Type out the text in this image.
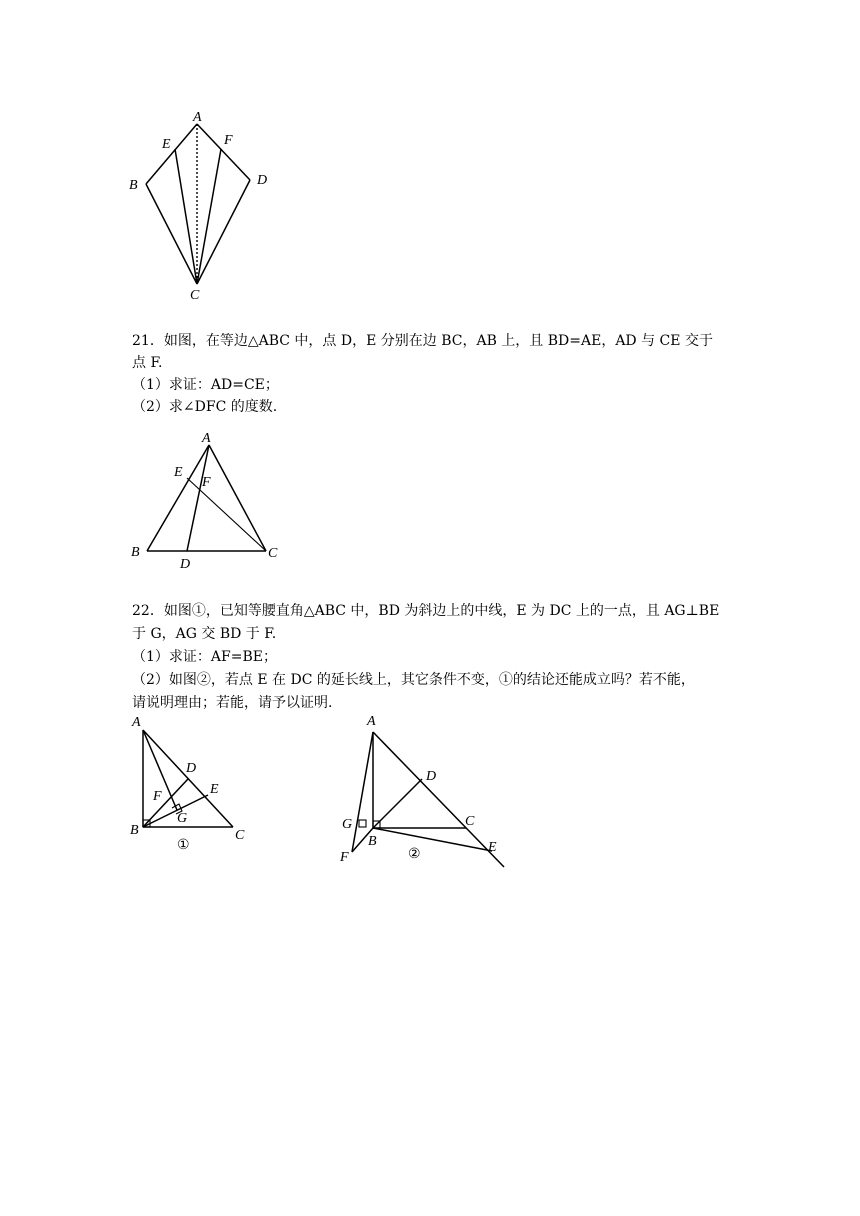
A
E	F
B	D
C
21．如图，在等边△ABC 中，点 D，E 分别在边 BC，AB 上，且 BD=AE，AD 与 CE 交于
点 F.
（1）求证：AD=CE；
（2）求∠DFC 的度数.
A
E
F
B
D
C
22．如图①，已知等腰直角△ABC 中，BD 为斜边上的中线，E 为 DC 上的一点，且 AG⊥BE
于 G，AG 交 BD 于 F.
（1）求证：AF=BE；
（2）如图②，若点 E 在 DC 的延长线上，其它条件不变，①的结论还能成立吗？若不能，
请说明理由；若能，请予以证明.
A
D
E
F
G
B	C
①
A
D
C
E
G
B
F	②
